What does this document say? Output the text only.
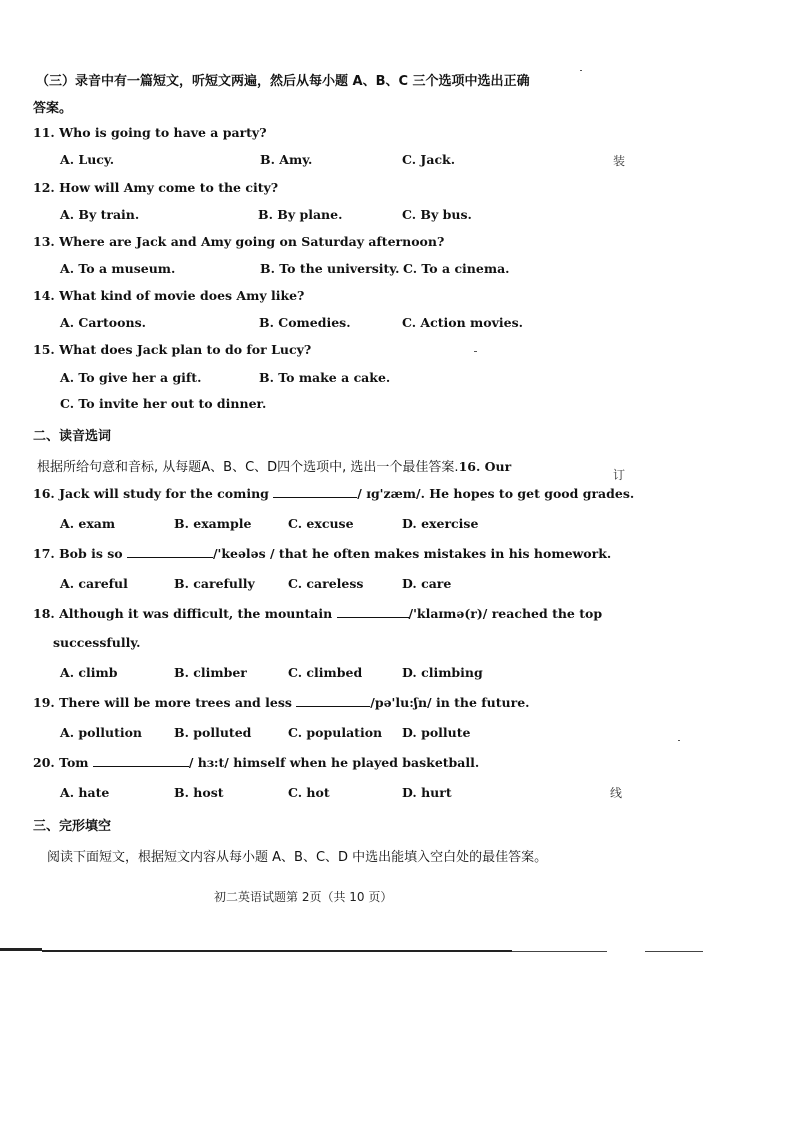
（三）录音中有一篇短文，听短文两遍，然后从每小题 A、B、C 三个选项中选出正确
答案。
11. Who is going to have a party?
A. Lucy.	B. Amy.	C. Jack.
12. How will Amy come to the city?
A. By train.	B. By plane.	C. By bus.
13. Where are Jack and Amy going on Saturday afternoon?
A. To a museum.	B. To the university. C. To a cinema.
14. What kind of movie does Amy like?
A. Cartoons.	B. Comedies.	C. Action movies.
15. What does Jack plan to do for Lucy?
A. To give her a gift.	B. To make a cake.
C. To invite her out to dinner.
二、读音选词
根据所给句意和音标, 从每题A、B、C、D四个选项中, 选出一个最佳答案.16. Our
16. Jack will study for the coming	/ ɪg'zæm/. He hopes to get good grades.
A. exam	B. example	C. excuse	D. exercise
17. Bob is so	/'keələs / that he often makes mistakes in his homework.
A. careful	B. carefully	C. careless	D. care
18. Although it was difficult, the mountain	/'klaɪmə(r)/ reached the top
successfully.
A. climb	B. climber	C. climbed	D. climbing
19. There will be more trees and less	/pə'lu:ʃn/ in the future.
A. pollution	B. polluted	C. population D. pollute
20. Tom	/ hɜ:t/ himself when he played basketball.
A. hate	B. host	C. hot	D. hurt
三、完形填空
阅读下面短文，根据短文内容从每小题 A、B、C、D 中选出能填入空白处的最佳答案。
初二英语试题第 2页（共 10 页）
装
订
线
